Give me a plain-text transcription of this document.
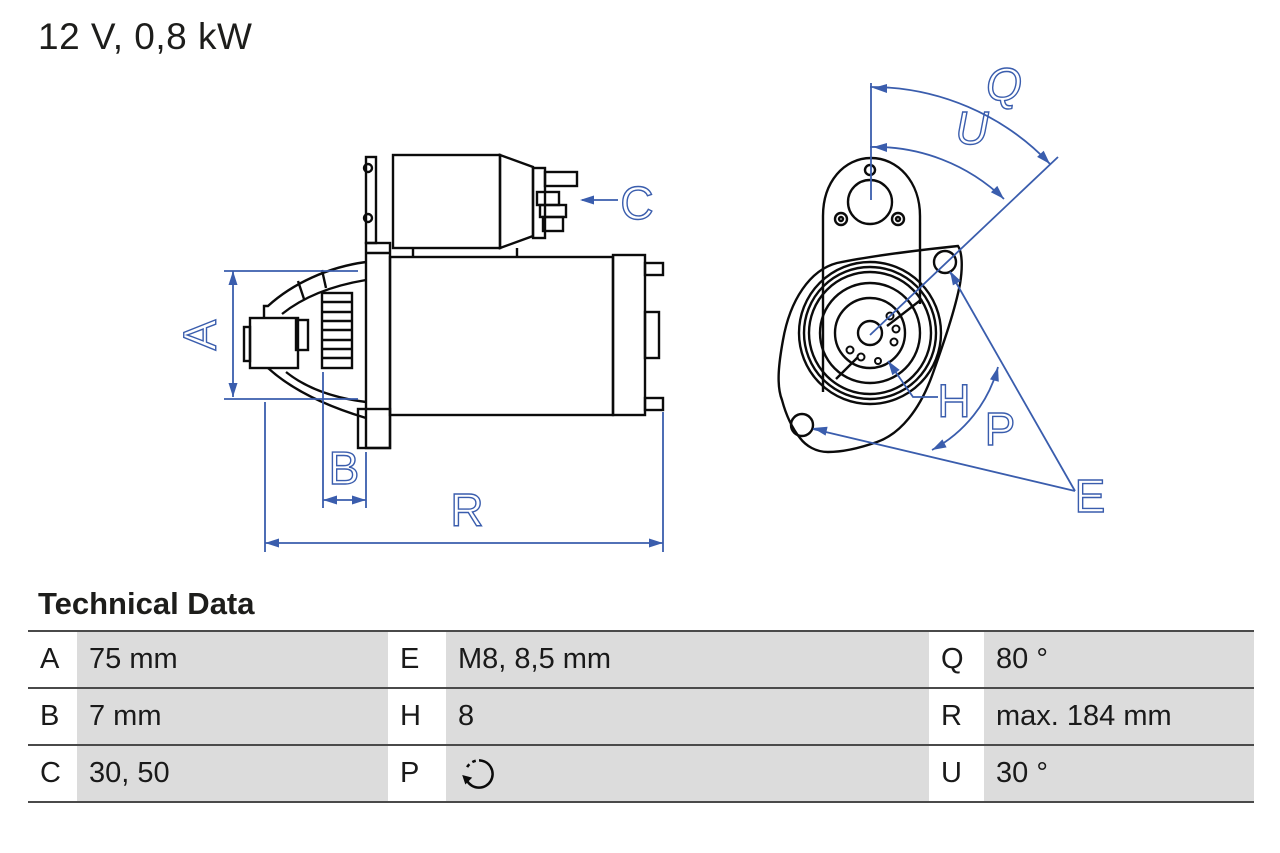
12 V, 0,8 kW
A
B
R
C
Q
U
H
P
E
Technical Data
A	75 mm	E	M8, 8,5 mm	Q	80 °
B	7 mm	H	8	R	max. 184 mm
C 30, 50	P	U	30 °
